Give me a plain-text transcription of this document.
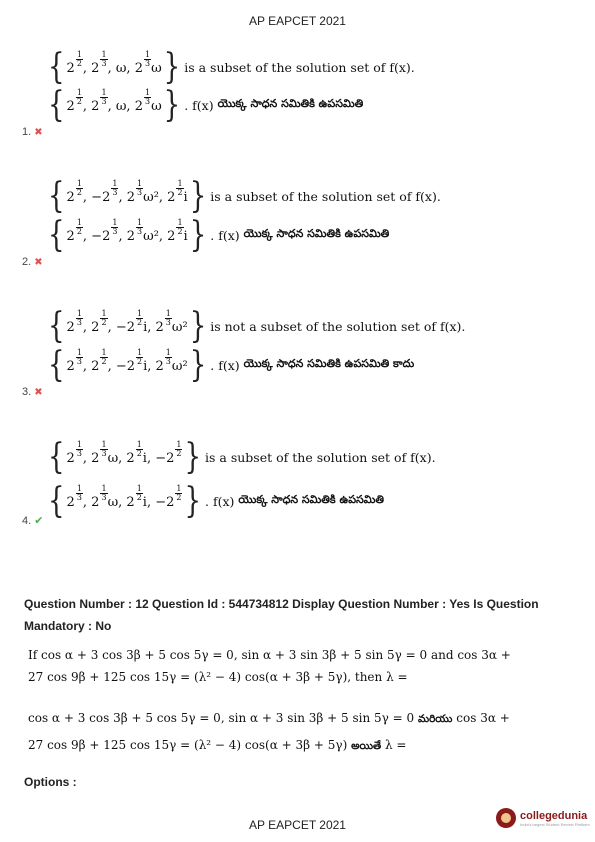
AP EAPCET 2021
{ 2
$\frac{1}{2}$
, 2
$\frac{1}{3}$
, ω, 2
$\frac{1}{3}$
ω } is a subset of the solution set of f(x).
{ 2
$\frac{1}{2}$
, 2
$\frac{1}{3}$
, ω, 2
$\frac{1}{3}$
ω } . f(x) యొక్క సాధన సమితికి ఉపసమితి
1. ✖
{ 2
$\frac{1}{2}$
, −2
$\frac{1}{3}$
, 2
$\frac{1}{3}$
ω², 2
$\frac{1}{2}$
i } is a subset of the solution set of f(x).
{ 2
$\frac{1}{2}$
, −2
$\frac{1}{3}$
, 2
$\frac{1}{3}$
ω², 2
$\frac{1}{2}$
i } . f(x) యొక్క సాధన సమితికి ఉపసమితి
2. ✖
{ 2
$\frac{1}{3}$
, 2
$\frac{1}{2}$
, −2
$\frac{1}{2}$
i, 2
$\frac{1}{3}$
ω² } is not a subset of the solution set of f(x).
{ 2
$\frac{1}{3}$
, 2
$\frac{1}{2}$
, −2
$\frac{1}{2}$
i, 2
$\frac{1}{3}$
ω² } . f(x) యొక్క సాధన సమితికి ఉపసమితి కాదు
3. ✖
{ 2
$\frac{1}{3}$
, 2
$\frac{1}{3}$
ω, 2
$\frac{1}{2}$
i, −2
$\frac{1}{2}$ } is a subset of the solution set of f(x).
{ 2
$\frac{1}{3}$
, 2
$\frac{1}{3}$
ω, 2
$\frac{1}{2}$
i, −2
$\frac{1}{2}$ } . f(x) యొక్క సాధన సమితికి ఉపసమితి
4. ✔
Question Number : 12 Question Id : 544734812 Display Question Number : Yes Is Question
Mandatory : No
If cos α + 3 cos 3β + 5 cos 5γ = 0, sin α + 3 sin 3β + 5 sin 5γ = 0 and cos 3α +
27 cos 9β + 125 cos 15γ = (λ² − 4) cos(α + 3β + 5γ), then λ =
cos α + 3 cos 3β + 5 cos 5γ = 0, sin α + 3 sin 3β + 5 sin 5γ = 0 మరియు cos 3α +
27 cos 9β + 125 cos 15γ = (λ² − 4) cos(α + 3β + 5γ) అయితే λ =
Options :
AP EAPCET 2021
collegedunia
India's largest Student Review Platform
